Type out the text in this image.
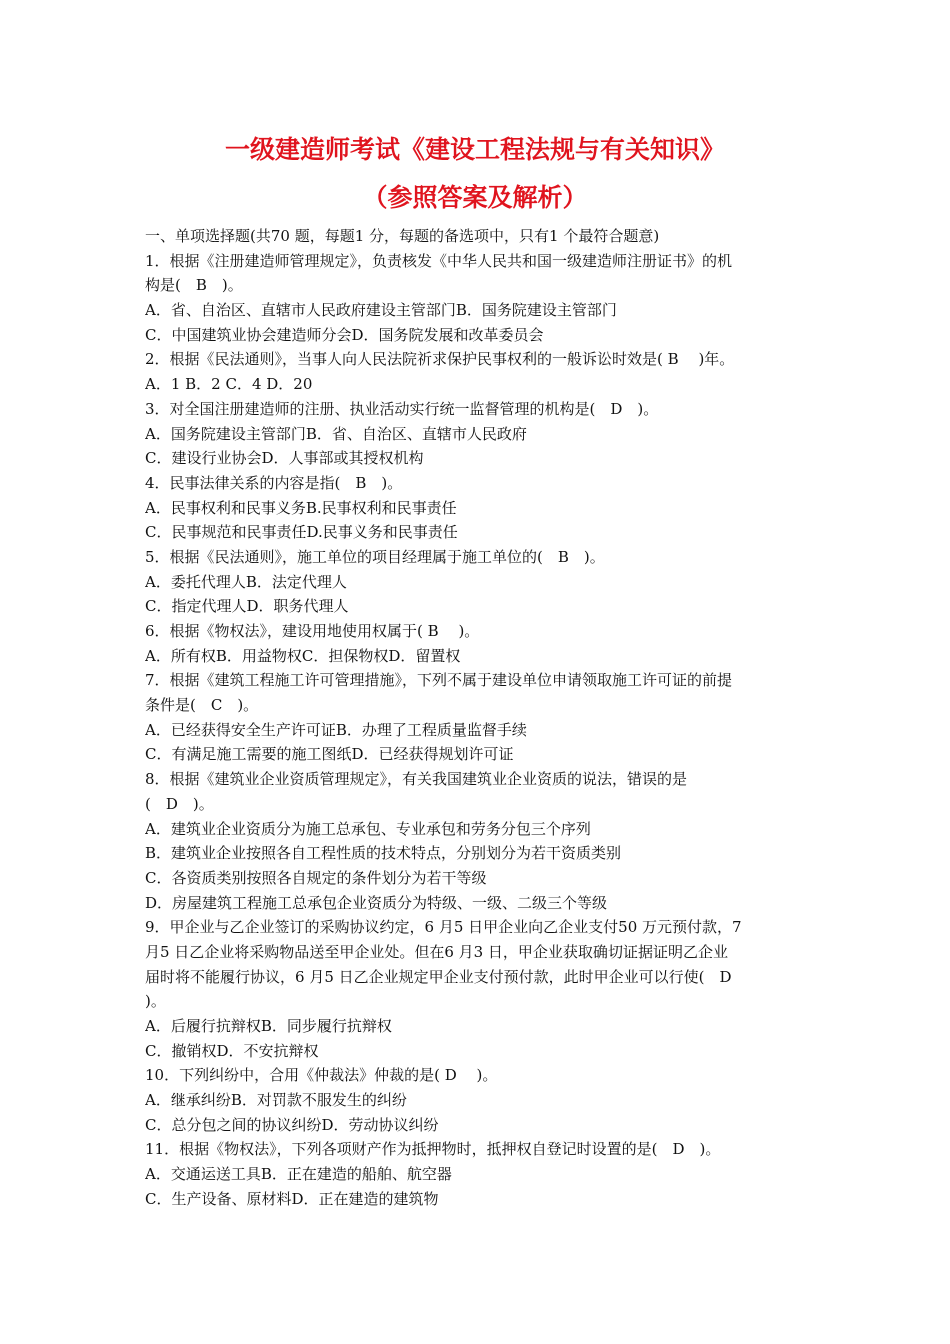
一级建造师考试《建设工程法规与有关知识》
（参照答案及解析）
一、单项选择题(共70 题，每题1 分，每题的备选项中，只有1 个最符合题意)
1．根据《注册建造师管理规定》，负责核发《中华人民共和国一级建造师注册证书》的机
构是(　B　)。
A．省、自治区、直辖市人民政府建设主管部门B．国务院建设主管部门
C．中国建筑业协会建造师分会D．国务院发展和改革委员会
2．根据《民法通则》，当事人向人民法院祈求保护民事权利的一般诉讼时效是( B　 )年。
A．1 B．2 C．4 D．20
3．对全国注册建造师的注册、执业活动实行统一监督管理的机构是(　D　)。
A．国务院建设主管部门B．省、自治区、直辖市人民政府
C．建设行业协会D．人事部或其授权机构
4．民事法律关系的内容是指(　B　)。
A．民事权利和民事义务B.民事权利和民事责任
C．民事规范和民事责任D.民事义务和民事责任
5．根据《民法通则》，施工单位的项目经理属于施工单位的(　B　)。
A．委托代理人B．法定代理人
C．指定代理人D．职务代理人
6．根据《物权法》，建设用地使用权属于( B　 )。
A．所有权B．用益物权C．担保物权D．留置权
7．根据《建筑工程施工许可管理措施》，下列不属于建设单位申请领取施工许可证的前提
条件是(　C　)。
A．已经获得安全生产许可证B．办理了工程质量监督手续
C．有满足施工需要的施工图纸D．已经获得规划许可证
8．根据《建筑业企业资质管理规定》，有关我国建筑业企业资质的说法，错误的是
(　D　)。
A．建筑业企业资质分为施工总承包、专业承包和劳务分包三个序列
B．建筑业企业按照各自工程性质的技术特点，分别划分为若干资质类别
C．各资质类别按照各自规定的条件划分为若干等级
D．房屋建筑工程施工总承包企业资质分为特级、一级、二级三个等级
9．甲企业与乙企业签订的采购协议约定，6 月5 日甲企业向乙企业支付50 万元预付款，7
月5 日乙企业将采购物品送至甲企业处。但在6 月3 日，甲企业获取确切证据证明乙企业
届时将不能履行协议，6 月5 日乙企业规定甲企业支付预付款，此时甲企业可以行使(　D
)。
A．后履行抗辩权B．同步履行抗辩权
C．撤销权D．不安抗辩权
10．下列纠纷中，合用《仲裁法》仲裁的是( D　 )。
A．继承纠纷B．对罚款不服发生的纠纷
C．总分包之间的协议纠纷D．劳动协议纠纷
11．根据《物权法》，下列各项财产作为抵押物时，抵押权自登记时设置的是(　D　)。
A．交通运送工具B．正在建造的船舶、航空器
C．生产设备、原材料D．正在建造的建筑物
